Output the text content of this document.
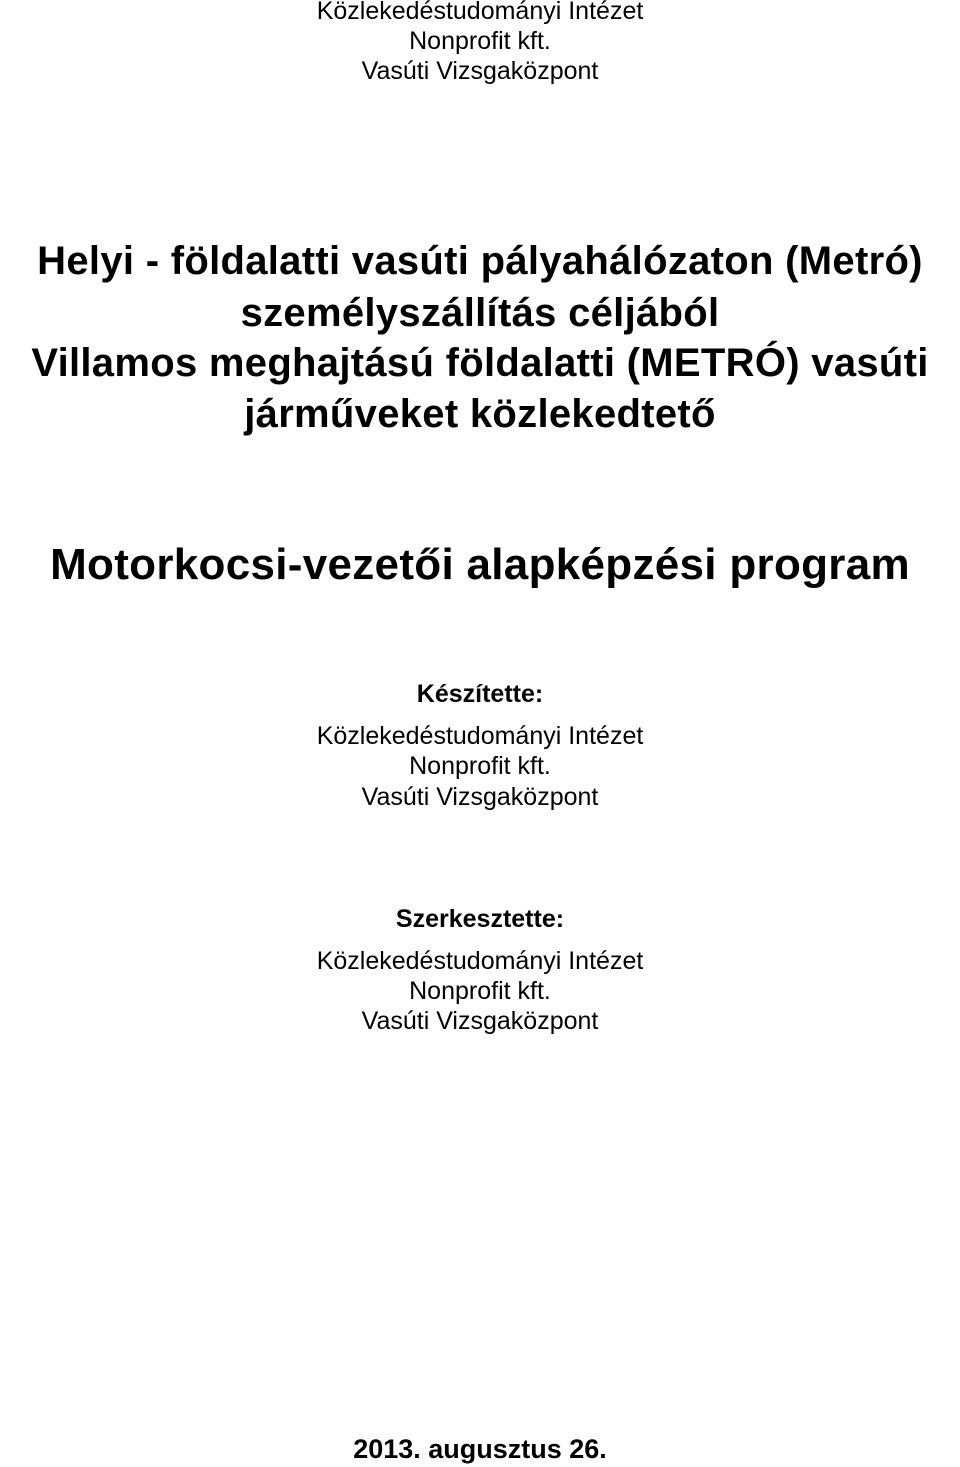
Közlekedéstudományi Intézet

Nonprofit kft.

Vasúti Vizsgaközpont

Helyi - földalatti vasúti pályahálózaton (Metró)

személyszállítás céljából

Villamos meghajtású földalatti (METRÓ) vasúti

járműveket közlekedtető

Motorkocsi-vezetői alapképzési program

Készítette:

Közlekedéstudományi Intézet

Nonprofit kft.

Vasúti Vizsgaközpont

Szerkesztette:

Közlekedéstudományi Intézet

Nonprofit kft.

Vasúti Vizsgaközpont

2013. augusztus 26.
